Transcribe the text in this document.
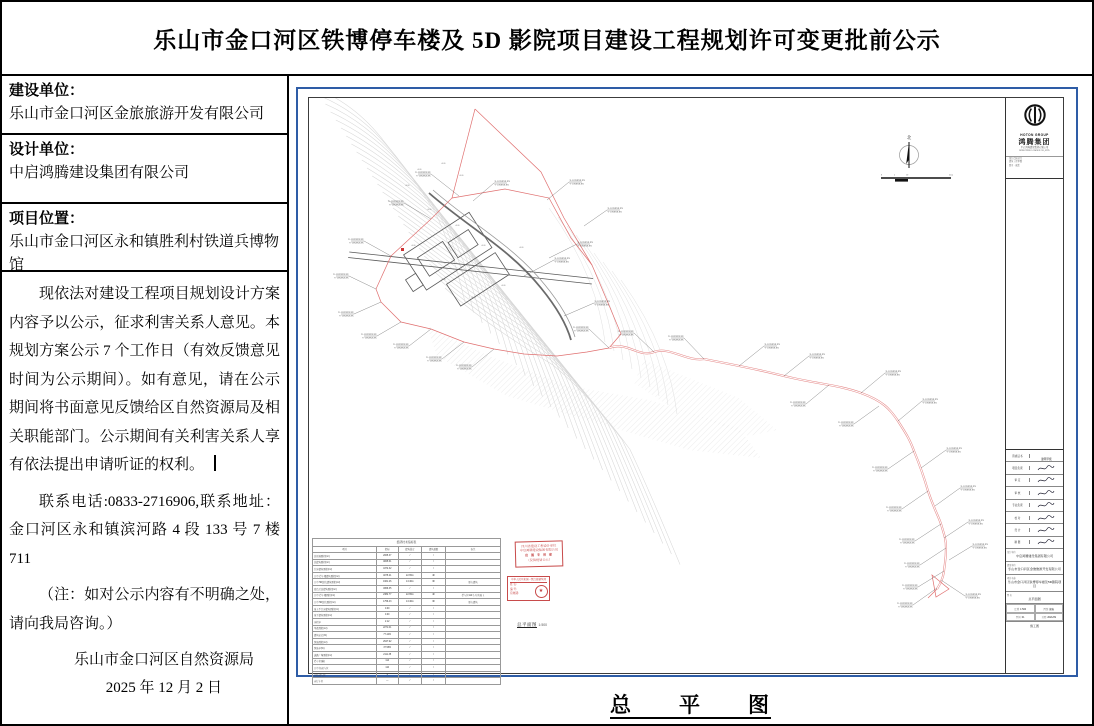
乐山市金口河区铁博停车楼及 5D 影院项目建设工程规划许可变更批前公示
建设单位：
乐山市金口河区金旅旅游开发有限公司
设计单位：
中启鸿腾建设集团有限公司
项目位置：
乐山市金口河区永和镇胜利村铁道兵博物馆

现依法对建设工程项目规划设计方案内容予以公示，征求利害关系人意见。本规划方案公示 7 个工作日（有效反馈意见时间为公示期间）。如有意见，请在公示期间将书面意见反馈给区自然资源局及相关职能部门。公示期间有关利害关系人享有依法提出申请听证的权利。

联系电话:0833-2716906,联系地址：金口河区永和镇滨河路 4 段 133 号 7 楼 711

（注：如对公示内容有不明确之处，请向我局咨询。）

乐山市金口河区自然资源局
2025 年 12 月 2 日
X=323XXXX.XX
Y=50XXXX.XX
X=323XXXX.XX
Y=50XXXX.XX
X=323XXXX.XX
Y=50XXXX.XX
X=323XXXX.XX
Y=50XXXX.XX
X=323XXXX.XX
Y=50XXXX.XX
X=323XXXX.XX
Y=50XXXX.XX
X=323XXXX.XX
Y=50XXXX.XX
X=323XXXX.XX
Y=50XXXX.XX
X=323XXXX.XX
Y=50XXXX.XX
X=323XXXX.XX
Y=50XXXX.XX
X=323XXXX.XX
Y=50XXXX.XX
X=323XXXX.XX
Y=50XXXX.XX
X=323XXXX.XX
Y=50XXXX.XX
X=323XXXX.XX
Y=50XXXX.XX
X=323XXXX.XX
Y=50XXXX.XX	X=323XXXX.XX
Y=50XXXX.XX
X=323XXXX.XX
Y=50XXXX.XX
X=323XXXX.XX
Y=50XXXX.XX
X=323XXXX.XX
Y=50XXXX.XX
X=323XXXX.XX
Y=50XXXX.XX
X=323XXXX.XX
Y=50XXXX.XX
X=323XXXX.XX
Y=50XXXX.XX
X=323XXXX.XX
Y=50XXXX.XX
X=323XXXX.XX
Y=50XXXX.XX
X=323XXXX.XX
Y=50XXXX.XX
X=323XXXX.XX
Y=50XXXX.XX
X=323XXXX.XX
Y=50XXXX.XX
X=323XXXX.XX
Y=50XXXX.XX
X=323XXXX.XX
Y=50XXXX.XX
X=323XXXX.XX
Y=50XXXX.XX
X=323XXXX.XX
Y=50XXXX.XX
X=323XXXX.XX
Y=50XXXX.XX
X=323XXXX.XX
Y=50XXXX.XX
X=323XXXX.XX
Y=50XXXX.XX
X=323XXXX.XX
Y=50XXXX.XX
±0.00
±0.00
±0.00
±0.00
±0.00
±0.00
±0.00	±0.00
±0.00
±0.00
±0.00
±0.00
北
0	5	10	25m
经济技术指标表				
项目	指标	建筑高度	建筑层数	备注
总用地面积(m²)	2065.37	/	/	
总建筑面积(m²)	4825.61	/	/	
计容建筑面积(m²)	4372.32	/	/	
其中 停车楼建筑面积(m²)	4075.21	22.65m	4F	
其中 5D影院建筑面积(m²)	1961.26	13.46m	3F	原有建筑
改造后总建筑面积(m²)	4956.35	/	/	
其中 停车楼面积(m²)	2382.77	22.65m	4F	停车位114个,均为地上
其中 5D影院面积(m²)	1756.43	13.46m	3F	原有建筑
地上不计容建筑面积(m²)	0.00	/	/	
地下建筑面积(m²)	0.00	/	/	
容积率	2.12	/	/	
基底面积(m²)	2271.01	/	/	
建筑密度(%)	77.44%	/	/	
绿地面积(m²)	2647.92	/	/	
绿地率(%)	37.58%	/	/	
道路广场面积(m²)	2111.35	/	/	
停车位(辆)	114	/	/	
其中 机动车位	110	/	/	
非机动车位	4	/	/	
自行车位	—	/	/	
四川省建设工程设计单位
中启鸿腾建设集团有限公司
出 图 专 用 章
（仅供规划公示）
中华人民共和国一级注册建筑师
姓 名：
编 号：
有效期：	★
总平面图 1:500
HOTON GROUP
鸿腾集团
中启鸿腾建设集团有限公司
HONGTENG GROUP CO.,LTD.
设计资质证书
建筑工程甲级
四川 · 成都
资质证书
建筑甲级
项目负责
审 定
审 核
专业负责
校 对
设 计
制 图
设计单位
中启鸿腾建设集团有限公司
建设单位
乐山市金口河区金旅旅游开发有限公司
项目名称
乐山市金口河区铁博停车楼及5D影院项目
图 名
总平面图
比例1:500	图别建施
图号01	日期2021/09
施工图
总　　平　　图
